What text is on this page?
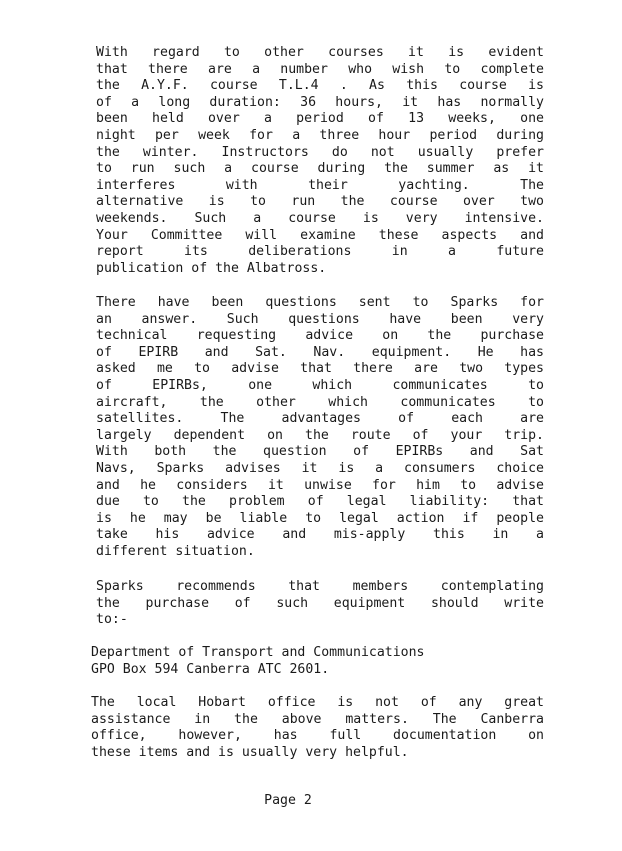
With regard to other courses it is evident
that there are a number who wish to complete
the A.Y.F. course T.L.4 . As this course is
of a long duration: 36 hours, it has normally
been held over a period of 13 weeks, one
night per week for a three hour period during
the winter. Instructors do not usually prefer
to run such a course during the summer as it
interferes with their yachting. The
alternative is to run the course over two
weekends. Such a course is very intensive.
Your Committee will examine these aspects and
report its deliberations in a future
publication of the Albatross.
There have been questions sent to Sparks for
an answer. Such questions have been very
technical requesting advice on the purchase
of EPIRB and Sat. Nav. equipment. He has
asked me to advise that there are two types
of EPIRBs, one which communicates to
aircraft, the other which communicates to
satellites. The advantages of each are
largely dependent on the route of your trip.
With both the question of EPIRBs and Sat
Navs, Sparks advises it is a consumers choice
and he considers it unwise for him to advise
due to the problem of legal liability: that
is he may be liable to legal action if people
take his advice and mis-apply this in a
different situation.
Sparks recommends that members contemplating
the purchase of such equipment should write
to:-
Department of Transport and Communications
GPO Box 594 Canberra ATC 2601.
The local Hobart office is not of any great
assistance in the above matters. The Canberra
office, however, has full documentation on
these items and is usually very helpful.
Page 2
